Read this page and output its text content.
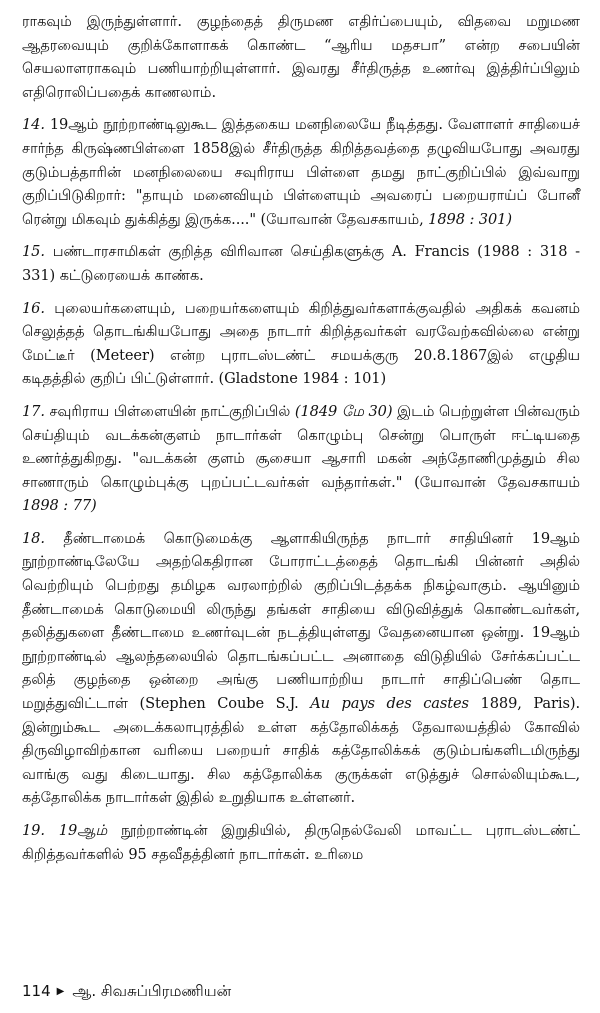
ராகவும் இருந்துள்ளார். குழந்தைத் திருமண எதிர்ப்பையும், விதவை மறுமண ஆதரவையும் குறிக்கோளாகக் கொண்ட “ஆரிய மதசபா” என்ற சபையின் செயலாளராகவும் பணியாற்றியுள்ளார். இவரது சீர்திருத்த உணர்வு இத்திர்ப்பிலும் எதிரொலிப்பதைக் காணலாம்.

14. 19ஆம் நூற்றாண்டிலுகூட இத்தகைய மனநிலையே நீடித்தது. வேளாளர் சாதியைச் சார்ந்த கிருஷ்ணபிள்ளை 1858இல் சீர்திருத்த கிறித்தவத்தை தழுவியபோது அவரது குடும்பத்தாரின் மனநிலையை சவுரிராய பிள்ளை தமது நாட்குறிப்பில் இவ்வாறு குறிப்பிடுகிறார்: "தாயும் மனைவியும் பிள்ளையும் அவரைப் பறையராய்ப் போனீ ரென்று மிகவும் துக்கித்து இருக்க...." (யோவான் தேவசகாயம், 1898 : 301)

15. பண்டாரசாமிகள் குறித்த விரிவான செய்திகளுக்கு A. Francis (1988 : 318 - 331) கட்டுரையைக் காண்க.

16. புலையர்களையும், பறையர்களையும் கிறித்துவர்களாக்குவதில் அதிகக் கவனம் செலுத்தத் தொடங்கியபோது அதை நாடார் கிறித்தவர்கள் வரவேற்கவில்லை என்று மேட்டீர் (Meteer) என்ற புராடஸ்டண்ட் சமயக்குரு 20.8.1867இல் எழுதிய கடிதத்தில் குறிப் பிட்டுள்ளார். (Gladstone 1984 : 101)

17. சவுரிராய பிள்ளையின் நாட்குறிப்பில் (1849 மே 30) இடம் பெற்றுள்ள பின்வரும் செய்தியும் வடக்கன்குளம் நாடார்கள் கொழும்பு சென்று பொருள் ஈட்டியதை உணர்த்துகிறது. "வடக்கன் குளம் சூசையா ஆசாரி மகன் அந்தோணிமுத்தும் சில சாணாரும் கொழும்புக்கு புறப்பட்டவர்கள் வந்தார்கள்." (யோவான் தேவசகாயம் 1898 : 77)

18. தீண்டாமைக் கொடுமைக்கு ஆளாகியிருந்த நாடார் சாதியினர் 19ஆம் நூற்றாண்டிலேயே அதற்கெதிரான போராட்டத்தைத் தொடங்கி பின்னர் அதில் வெற்றியும் பெற்றது தமிழக வரலாற்றில் குறிப்பிடத்தக்க நிகழ்வாகும். ஆயினும் தீண்டாமைக் கொடுமையி லிருந்து தங்கள் சாதியை விடுவித்துக் கொண்டவர்கள், தலித்துகளை தீண்டாமை உணர்வுடன் நடத்தியுள்ளது வேதனையான ஒன்று. 19ஆம் நூற்றாண்டில் ஆலந்தலையில் தொடங்கப்பட்ட அனாதை விடுதியில் சேர்க்கப்பட்ட தலித் குழந்தை ஒன்றை அங்கு பணியாற்றிய நாடார் சாதிப்பெண் தொட மறுத்துவிட்டாள் (Stephen Coube S.J. Au pays des castes 1889, Paris). இன்றும்கூட அடைக்கலாபுரத்தில் உள்ள கத்தோலிக்கத் தேவாலயத்தில் கோவில் திருவிழாவிற்கான வரியை பறையர் சாதிக் கத்தோலிக்கக் குடும்பங்களிடமிருந்து வாங்கு வது கிடையாது. சில கத்தோலிக்க குருக்கள் எடுத்துச் சொல்லியும்கூட, கத்தோலிக்க நாடார்கள் இதில் உறுதியாக உள்ளனர்.

19. 19ஆம் நூற்றாண்டின் இறுதியில், திருநெல்வேலி மாவட்ட புராடஸ்டண்ட் கிறித்தவர்களில் 95 சதவீதத்தினர் நாடார்கள். உரிமை

114 ▶ ஆ. சிவசுப்பிரமணியன்
